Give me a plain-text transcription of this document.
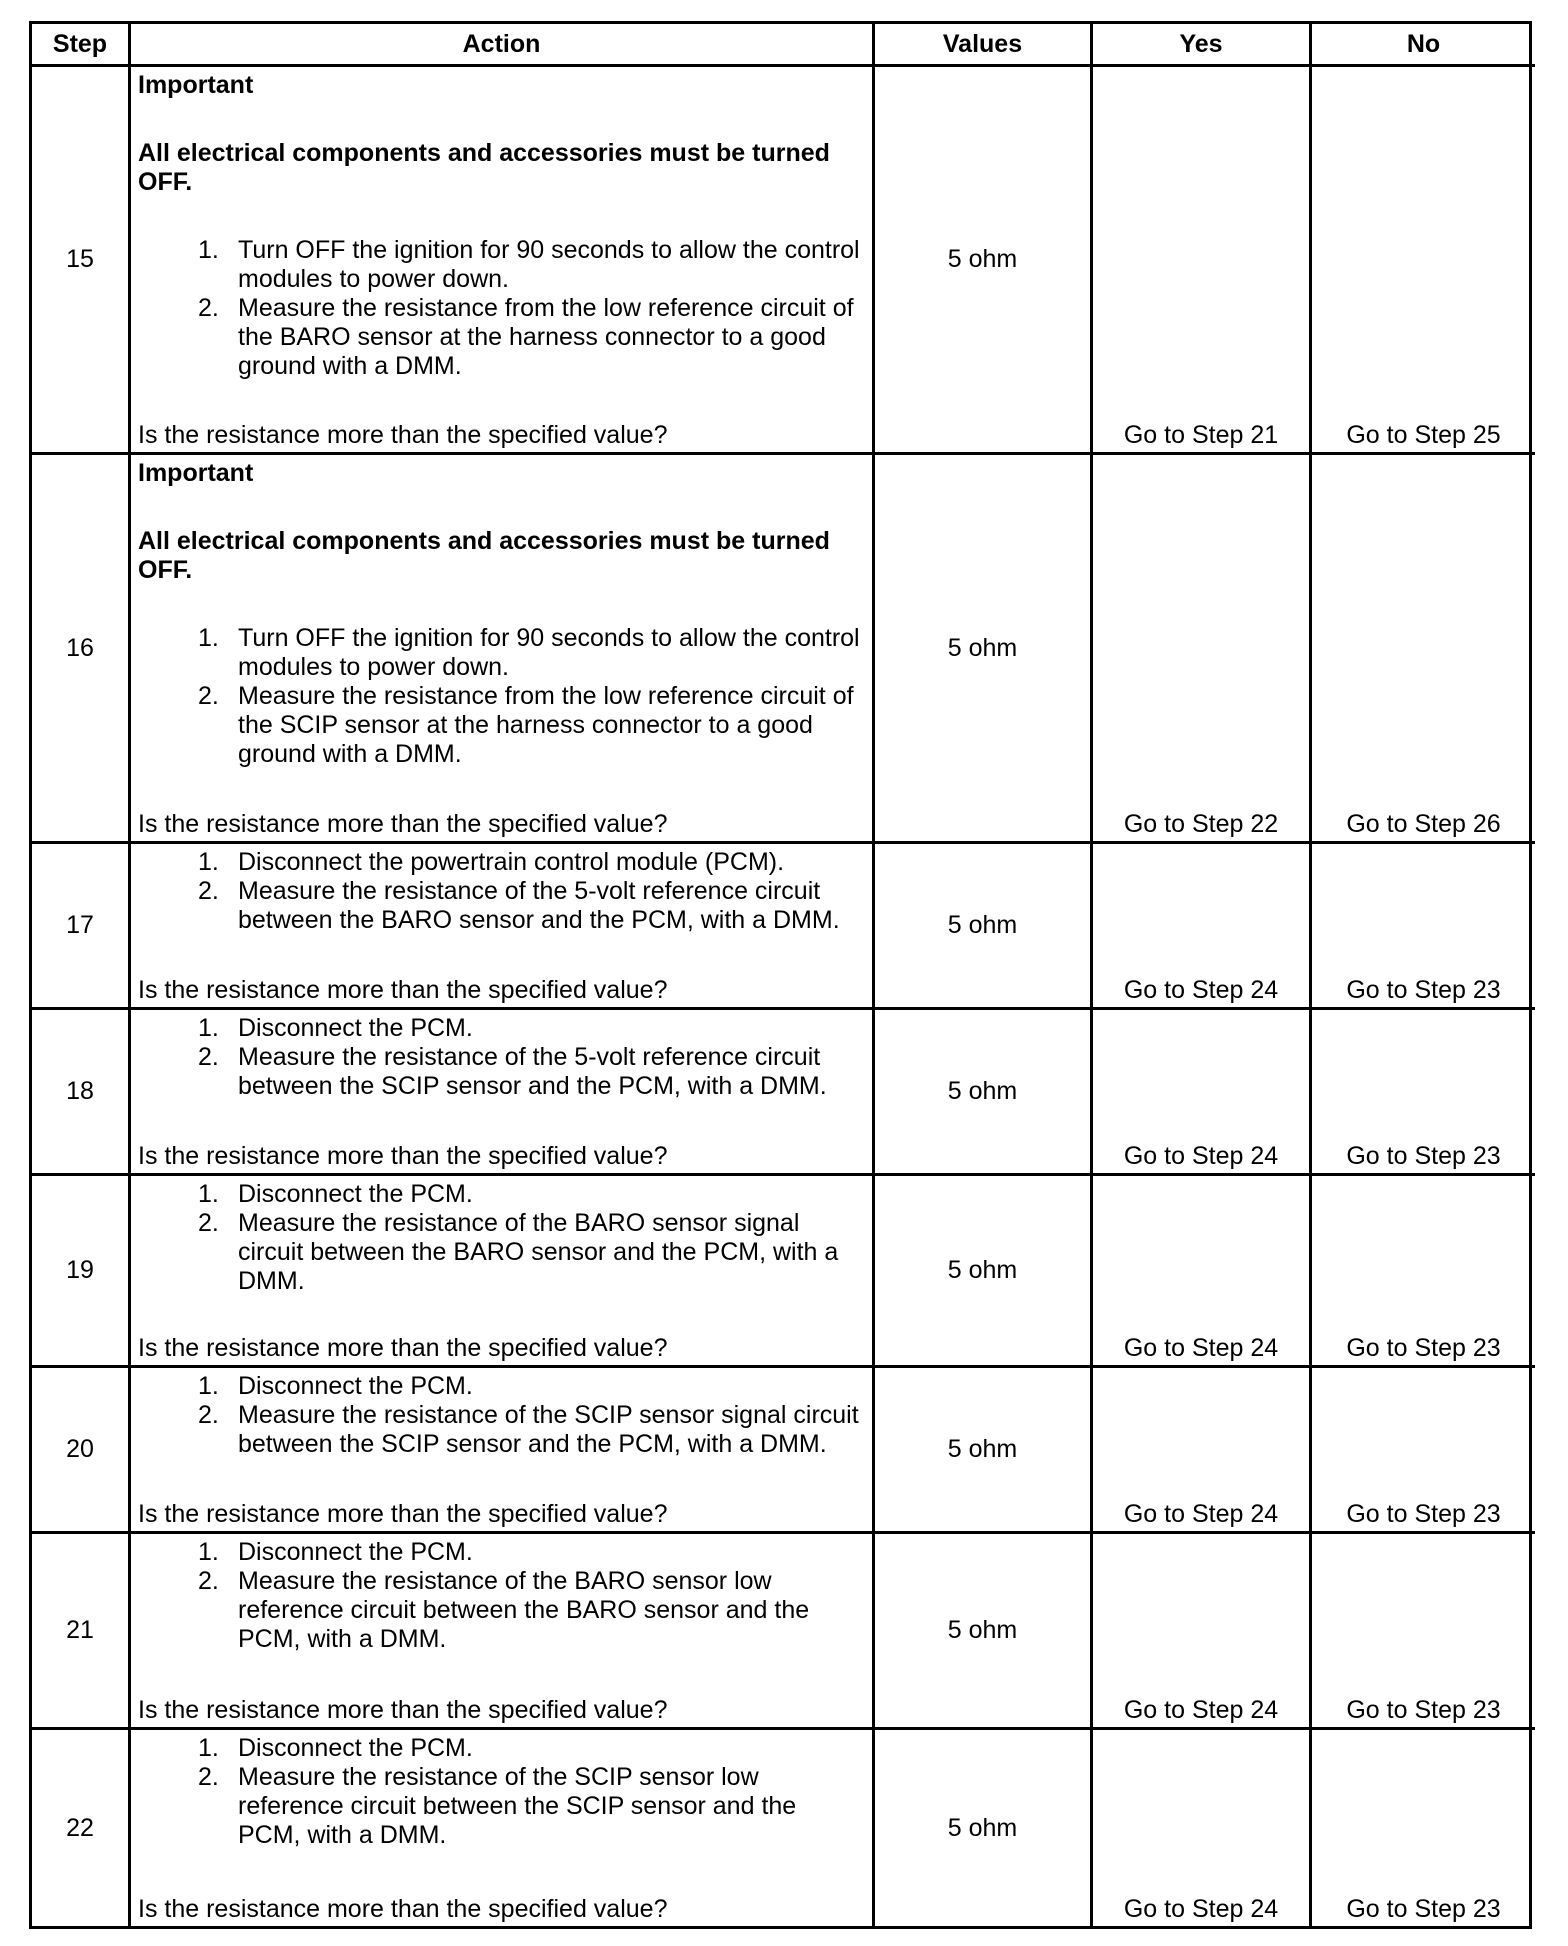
Step	Action	Values	Yes	No
15

Important

All electrical components and accessories must be turned OFF.

1. Turn OFF the ignition for 90 seconds to allow the control modules to power down.
2. Measure the resistance from the low reference circuit of the BARO sensor at the harness connector to a good ground with a DMM.
Is the resistance more than the specified value?
5 ohm
Go to Step 21	Go to Step 25
16

Important

All electrical components and accessories must be turned OFF.

1. Turn OFF the ignition for 90 seconds to allow the control modules to power down.
2. Measure the resistance from the low reference circuit of the SCIP sensor at the harness connector to a good ground with a DMM.
Is the resistance more than the specified value?
5 ohm
Go to Step 22	Go to Step 26
17
1. Disconnect the powertrain control module (PCM).
2. Measure the resistance of the 5-volt reference circuit between the BARO sensor and the PCM, with a DMM.
Is the resistance more than the specified value?
5 ohm
Go to Step 24	Go to Step 23
18
1. Disconnect the PCM.
2. Measure the resistance of the 5-volt reference circuit between the SCIP sensor and the PCM, with a DMM.
Is the resistance more than the specified value?
5 ohm
Go to Step 24	Go to Step 23
19
1. Disconnect the PCM.
2. Measure the resistance of the BARO sensor signal circuit between the BARO sensor and the PCM, with a DMM.
Is the resistance more than the specified value?
5 ohm
Go to Step 24	Go to Step 23
20
1. Disconnect the PCM.
2. Measure the resistance of the SCIP sensor signal circuit between the SCIP sensor and the PCM, with a DMM.
Is the resistance more than the specified value?
5 ohm
Go to Step 24	Go to Step 23
21
1. Disconnect the PCM.
2. Measure the resistance of the BARO sensor low reference circuit between the BARO sensor and the PCM, with a DMM.
Is the resistance more than the specified value?
5 ohm
Go to Step 24	Go to Step 23
22
1. Disconnect the PCM.
2. Measure the resistance of the SCIP sensor low reference circuit between the SCIP sensor and the PCM, with a DMM.
Is the resistance more than the specified value?
5 ohm
Go to Step 24	Go to Step 23
